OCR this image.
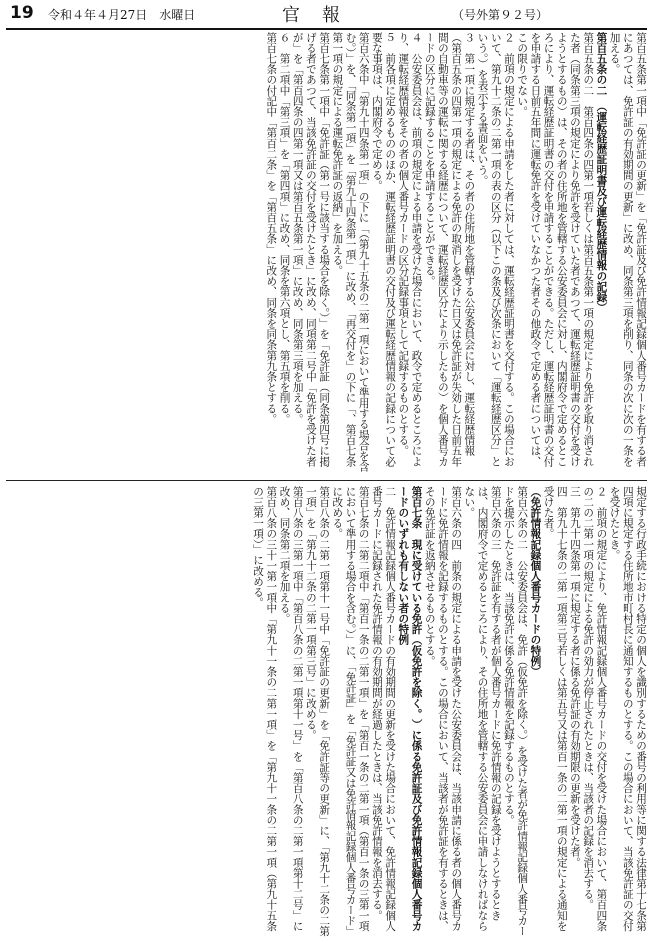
19 令和４年４月27日　水曜日	官報	（号外第９２号）

第百五条第一項中「免許証の更新」を「免許証及び免許情報記録個人番号カードを有する者にあつては、免許証の有効期間の更新」に改め、同条第三項を削り、同条の次に次の一条を加える。

第百五条の二　（運転経歴証明書及び運転経歴情報の記録）

第百五条の二　第百四条の四第一項若しくは第百五条第一項の規定により免許を取り消された者（同条第三項の規定により免許を受けていた者であつて、運転経歴証明書の交付を受けようとするもの）は、その者の住所地を管轄する公安委員会に対し、内閣府令で定めるところにより、運転経歴証明書の交付を申請することができる。ただし、運転経歴証明書の交付を申請する日前五年間に運転免許を受けていなかつた者その他政令で定める者については、この限りでない。

２　前項の規定による申請をした者に対しては、運転経歴証明書を交付する。この場合において、第九十二条の二第一項の表の区分（以下この条及び次条において「運転経歴区分」という。）を表示する書面をいう。

３　第一項に規定する者は、その者の住所地を管轄する公安委員会に対し、運転経歴情報（第百五条の四第一項の規定による免許の取消しを受けた日又は免許証が失効した日前五年間の自動車等の運転に関する経歴について、運転経歴区分により示したもの）を個人番号カードの区分に記録することを申請することができる。

４　公安委員会は、前項の規定による申請を受けた場合において、政令で定めるところにより、運転経歴情報をその者の個人番号カードの区分記録事項として記録するものとする。

５　前各項に定めるもののほか、運転経歴証明書の交付及び運転経歴情報の記録について必要な事項は、内閣府令で定める。

第百六条中「第九十四条第一項」の下に「（第九十五条の二第一項において準用する場合を含む。）」を、「同条第一項」を「第九十四条第一項」に改め、「再交付を」の下に「、第百七条第一項の規定による運転免許証の返納」を加える。

第百七条第一項中「免許証（第一号に該当する場合を除く。）」を「免許証（同条第四号に掲げる者であつて、当該免許証の交付を受けたとき」に改め、同項第二号中「免許を受けた者が」を「第百四条の四第一項又は第百五条第一項」に改め、同条第三項を加える。

６　第二項中「第三項」を「第四項」に改め、同条を第六項とし、第五項を削る。

第百七条の付記中「第百二条」を「第百五条」に改め、同条を同条第九条とする。

規定する行政手続における特定の個人を識別するための番号の利用等に関する法律第十七条第四項に規定する住所地市町村長に通知するものとする。この場合において、当該免許証の交付を受けたとき。

２　前項の規定により、免許情報記録個人番号カードの交付を受けた場合において、第百四条の二の二第一項の規定による免許の効力が停止されたときは、当該者の記録を消去する。

三　第九十四条第一項に規定する者に係る免許証の有効期限の更新を受けた者。

四　第九十七条の二第一項第三号若しくは第五号又は第百一条の二第一項の規定による通知を受けた者。

（免許情報記録個人番号カードの特例）

第百六条の二　公安委員会は、免許（仮免許を除く。）を受けた者が免許情報記録個人番号カードを提示したときは、当該免許に係る免許情報を記録するものとする。

第百六条の三　免許証を有する者が個人番号カードに免許情報の記録を受けようとするときは、内閣府令で定めるところにより、その住所地を管轄する公安委員会に申請しなければならない。

第百六条の四　前条の規定による申請を受けた公安委員会は、当該申請に係る者の個人番号カードに免許情報を記録するものとする。この場合において、当該者が免許証を有するときは、その免許証を返納させるものとする。

第百七条　現に受けている免許（仮免許を除く。）に係る免許証及び免許情報記録個人番号カードのいずれも有しない者の特例

二　免許情報記録個人番号カードの有効期間の更新を受けた場合において、免許情報記録個人番号カードに記録された免許情報の有効期間が経過したときは、当該免許情報を消去する。

第百七条の二第二項中「第百一条の二第一項」を「第百一条の二第一項（第百一条の三第一項において準用する場合を含む。）」に、「免許証」を「免許証又は免許情報記録個人番号カード」に改める。

第百八条の二第一項第十一号中「免許証の更新」を「免許証等の更新」に、「第九十二条の二第一項」を「第九十二条の二第一項第三号」に改める。

第百八条の三第一項中「第百八条の二第一項第十一号」を「第百八条の二第一項第十二号」に改め、同条第二項を加える。

第百八条の三十一第一項中「第九十一条の二第一項」を「第九十一条の二第一項（第九十五条の三第一項）」に改める。
